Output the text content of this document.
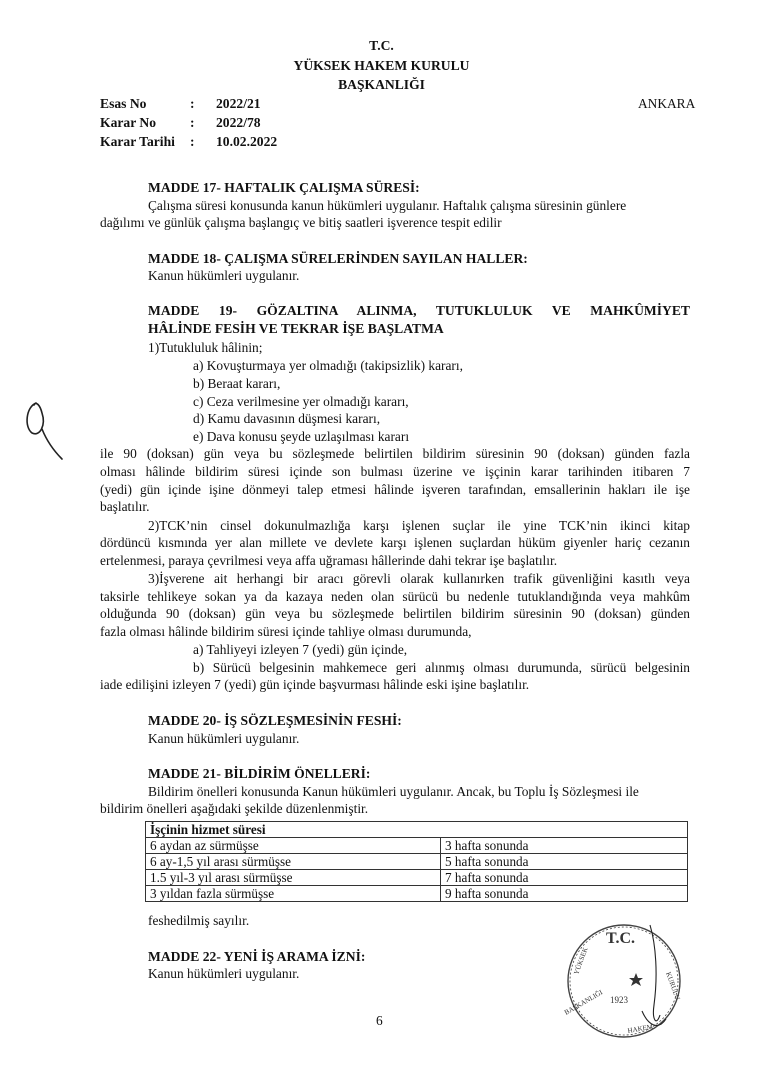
T.C.
YÜKSEK HAKEM KURULU
BAŞKANLIĞI
ANKARA
Esas No	: 2022/21
Karar No : 2022/78
Karar Tarihi : 10.02.2022
MADDE 17- HAFTALIK ÇALIŞMA SÜRESİ:
Çalışma süresi konusunda kanun hükümleri uygulanır. Haftalık çalışma süresinin günlere
dağılımı ve günlük çalışma başlangıç ve bitiş saatleri işverence tespit edilir
MADDE 18- ÇALIŞMA SÜRELERİNDEN SAYILAN HALLER:
Kanun hükümleri uygulanır.
MADDE 19- GÖZALTINA ALINMA, TUTUKLULUK VE MAHKÛMİYET
HÂLİNDE FESİH VE TEKRAR İŞE BAŞLATMA
1)Tutukluluk hâlinin;
a) Kovuşturmaya yer olmadığı (takipsizlik) kararı,
b) Beraat kararı,
c) Ceza verilmesine yer olmadığı kararı,
d) Kamu davasının düşmesi kararı,
e) Dava konusu şeyde uzlaşılması kararı
ile 90 (doksan) gün veya bu sözleşmede belirtilen bildirim süresinin 90 (doksan) günden fazla
olması hâlinde bildirim süresi içinde son bulması üzerine ve işçinin karar tarihinden itibaren 7
(yedi) gün içinde işine dönmeyi talep etmesi hâlinde işveren tarafından, emsallerinin hakları ile işe
başlatılır.
2)TCK’nin cinsel dokunulmazlığa karşı işlenen suçlar ile yine TCK’nin ikinci kitap
dördüncü kısmında yer alan millete ve devlete karşı işlenen suçlardan hüküm giyenler hariç cezanın
ertelenmesi, paraya çevrilmesi veya affa uğraması hâllerinde dahi tekrar işe başlatılır.
3)İşverene ait herhangi bir aracı görevli olarak kullanırken trafik güvenliğini kasıtlı veya
taksirle tehlikeye sokan ya da kazaya neden olan sürücü bu nedenle tutuklandığında veya mahkûm
olduğunda 90 (doksan) gün veya bu sözleşmede belirtilen bildirim süresinin 90 (doksan) günden
fazla olması hâlinde bildirim süresi içinde tahliye olması durumunda,
a) Tahliyeyi izleyen 7 (yedi) gün içinde,
b) Sürücü belgesinin mahkemece geri alınmış olması durumunda, sürücü belgesinin
iade edilişini izleyen 7 (yedi) gün içinde başvurması hâlinde eski işine başlatılır.
MADDE 20- İŞ SÖZLEŞMESİNİN FESHİ:
Kanun hükümleri uygulanır.
MADDE 21- BİLDİRİM ÖNELLERİ:
Bildirim önelleri konusunda Kanun hükümleri uygulanır. Ancak, bu Toplu İş Sözleşmesi ile
bildirim önelleri aşağıdaki şekilde düzenlenmiştir.
İşçinin hizmet süresi	
6 aydan az sürmüşse	3 hafta sonunda
6 ay-1,5 yıl arası sürmüşse	5 hafta sonunda
1.5 yıl-3 yıl arası sürmüşse	7 hafta sonunda
3 yıldan fazla sürmüşse	9 hafta sonunda
feshedilmiş sayılır.
MADDE 22- YENİ İŞ ARAMA İZNİ:
Kanun hükümleri uygulanır.
6
T.C.
1923
YÜKSEK
HAKEM
KURULU
BAŞKANLIĞI
